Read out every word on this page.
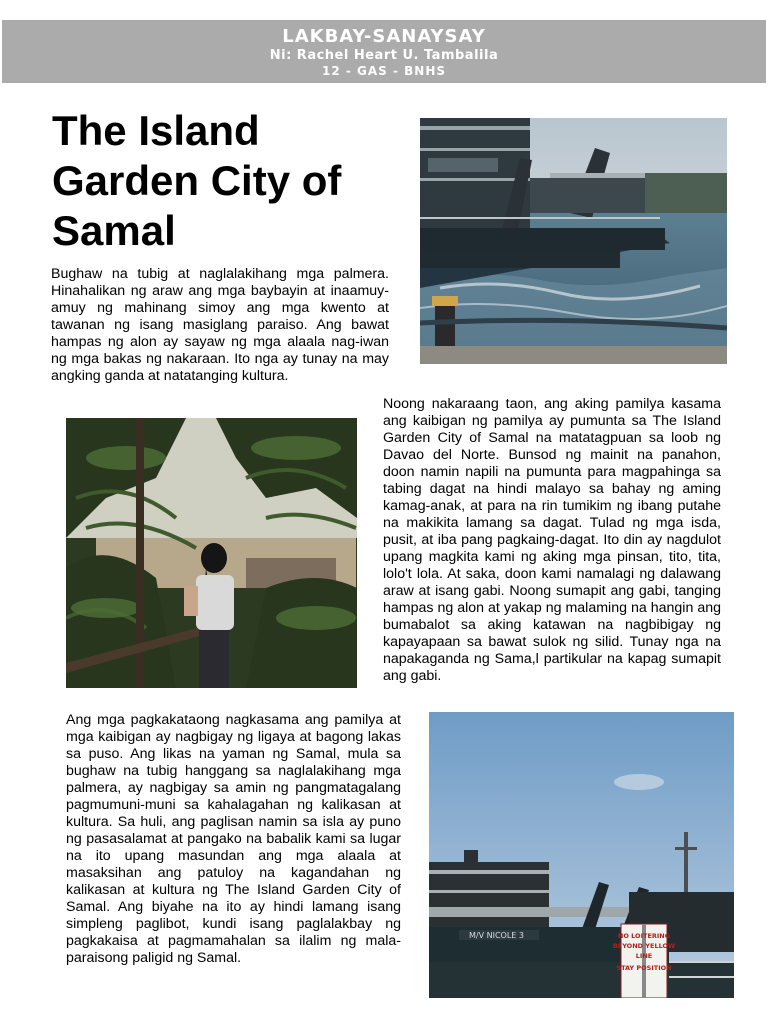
LAKBAY-SANAYSAY
Ni: Rachel Heart U. Tambalila
12 - GAS - BNHS
The Island Garden City of Samal

Bughaw na tubig at naglalakihang mga palmera. Hinahalikan ng araw ang mga baybayin at inaamuy-amuy ng mahinang simoy ang mga kwento at tawanan ng isang masiglang paraiso. Ang bawat hampas ng alon ay sayaw ng mga alaala nag-iwan ng mga bakas ng nakaraan. Ito nga ay tunay na may angking ganda at natatanging kultura.

Noong nakaraang taon, ang aking pamilya kasama ang kaibigan ng pamilya ay pumunta sa The Island Garden City of Samal na matatagpuan sa loob ng Davao del Norte. Bunsod ng mainit na panahon, doon namin napili na pumunta para magpahinga sa tabing dagat na hindi malayo sa bahay ng aming kamag-anak, at para na rin tumikim ng ibang putahe na makikita lamang sa dagat. Tulad ng mga isda, pusit, at iba pang pagkaing-dagat. Ito din ay nagdulot upang magkita kami ng aking mga pinsan, tito, tita, lolo't lola. At saka, doon kami namalagi ng dalawang araw at isang gabi. Noong sumapit ang gabi, tanging hampas ng alon at yakap ng malaming na hangin ang bumabalot sa aking katawan na nagbibigay ng kapayapaan sa bawat sulok ng silid. Tunay nga na napakaganda ng Sama,l partikular na kapag sumapit ang gabi.

Ang mga pagkakataong nagkasama ang pamilya at mga kaibigan ay nagbigay ng ligaya at bagong lakas sa puso. Ang likas na yaman ng Samal, mula sa bughaw na tubig hanggang sa naglalakihang mga palmera, ay nagbigay sa amin ng pangmatagalang pagmumuni-muni sa kahalagahan ng kalikasan at kultura. Sa huli, ang paglisan namin sa isla ay puno ng pasasalamat at pangako na babalik kami sa lugar na ito upang masundan ang mga alaala at masaksihan ang patuloy na kagandahan ng kalikasan at kultura ng The Island Garden City of Samal. Ang biyahe na ito ay hindi lamang isang simpleng paglibot, kundi isang paglalakbay ng pagkakaisa at pagmamahalan sa ilalim ng mala-paraisong paligid ng Samal.

M/V NICOLE 3	NO LOITERING
BEYOND YELLOW
LINE
STAY POSITION
